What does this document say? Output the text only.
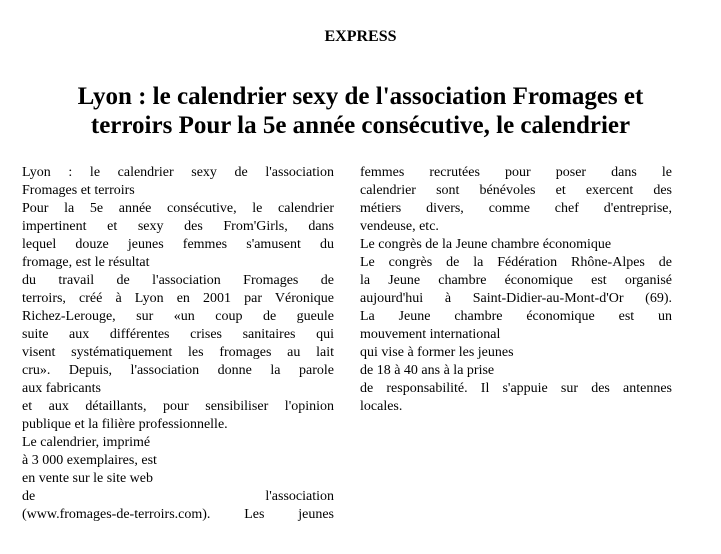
EXPRESS
Lyon : le calendrier sexy de l'association Fromages et
terroirs Pour la 5e année consécutive, le calendrier
Lyon : le calendrier sexy de l'association
Fromages et terroirs
Pour la 5e année consécutive, le calendrier
impertinent et sexy des From'Girls, dans
lequel douze jeunes femmes s'amusent du
fromage, est le résultat
du travail de l'association Fromages de
terroirs, créé à Lyon en 2001 par Véronique
Richez-Lerouge, sur «un coup de gueule
suite aux différentes crises sanitaires qui
visent systématiquement les fromages au lait
cru». Depuis, l'association donne la parole
aux fabricants
et aux détaillants, pour sensibiliser l'opinion
publique et la filière professionnelle.
Le calendrier, imprimé
à 3 000 exemplaires, est
en vente sur le site web
de l'association
(www.fromages-de-terroirs.com). Les jeunes
femmes recrutées pour poser dans le
calendrier sont bénévoles et exercent des
métiers divers, comme chef d'entreprise,
vendeuse, etc.
Le congrès de la Jeune chambre économique
Le congrès de la Fédération Rhône-Alpes de
la Jeune chambre économique est organisé
aujourd'hui à Saint-Didier-au-Mont-d'Or (69).
La Jeune chambre économique est un
mouvement international
qui vise à former les jeunes
de 18 à 40 ans à la prise
de responsabilité. Il s'appuie sur des antennes
locales.
